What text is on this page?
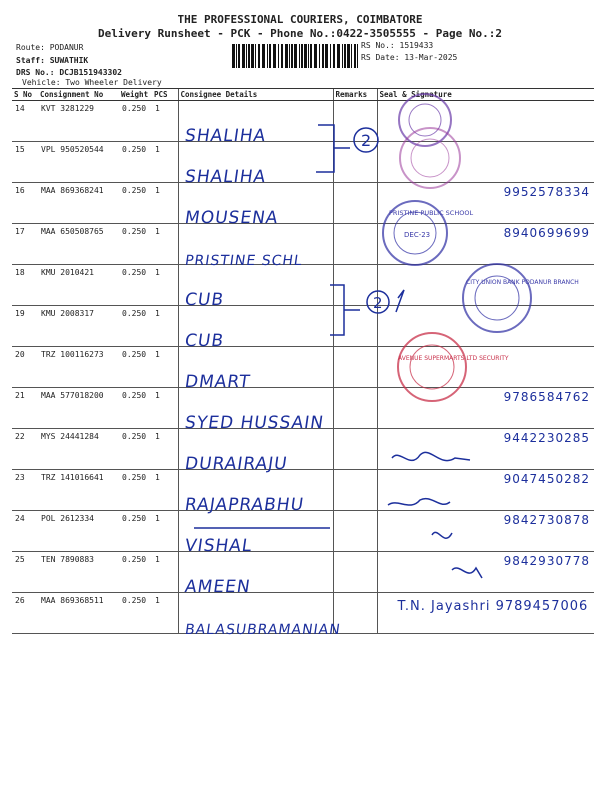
THE PROFESSIONAL COURIERS, COIMBATORE
Delivery Runsheet - PCK - Phone No.:0422-3505555 - Page No.:2
Route: PODANUR
Staff: SUWATHIK
DRS No.: DCJB151943302
Vehicle: Two Wheeler Delivery
RS No.: 1519433
RS Date: 13-Mar-2025
S No	Consignment No	Weight	PCS	Consignee Details	Remarks	Seal & Signature
14	KVT 3281229	0.250	1	SHALIHA		

15	VPL 950520544	0.250	1	SHALIHA		

16	MAA 869368241	0.250	1	MOUSENA		9952578334

17	MAA 650508765	0.250	1	PRISTINE SCHL		8940699699

18	KMU 2010421	0.250	1	CUB		

19	KMU 2008317	0.250	1	CUB		

20	TRZ 100116273	0.250	1	DMART		

21	MAA 577018200	0.250	1	SYED HUSSAIN		9786584762

22	MYS 24441284	0.250	1	DURAIRAJU		9442230285

23	TRZ 141016641	0.250	1	RAJAPRABHU		9047450282

24	POL 2612334	0.250	1	VISHAL		9842730878

25	TEN 7890883	0.250	1	AMEEN		9842930778

26	MAA 869368511	0.250	1	BALASUBRAMANIAN		T.N. Jayashri 9789457006
2
2
PRISTINE PUBLIC SCHOOL
DEC-23
CITY UNION BANK PODANUR BRANCH
AVENUE SUPERMARTS LTD SECURITY
